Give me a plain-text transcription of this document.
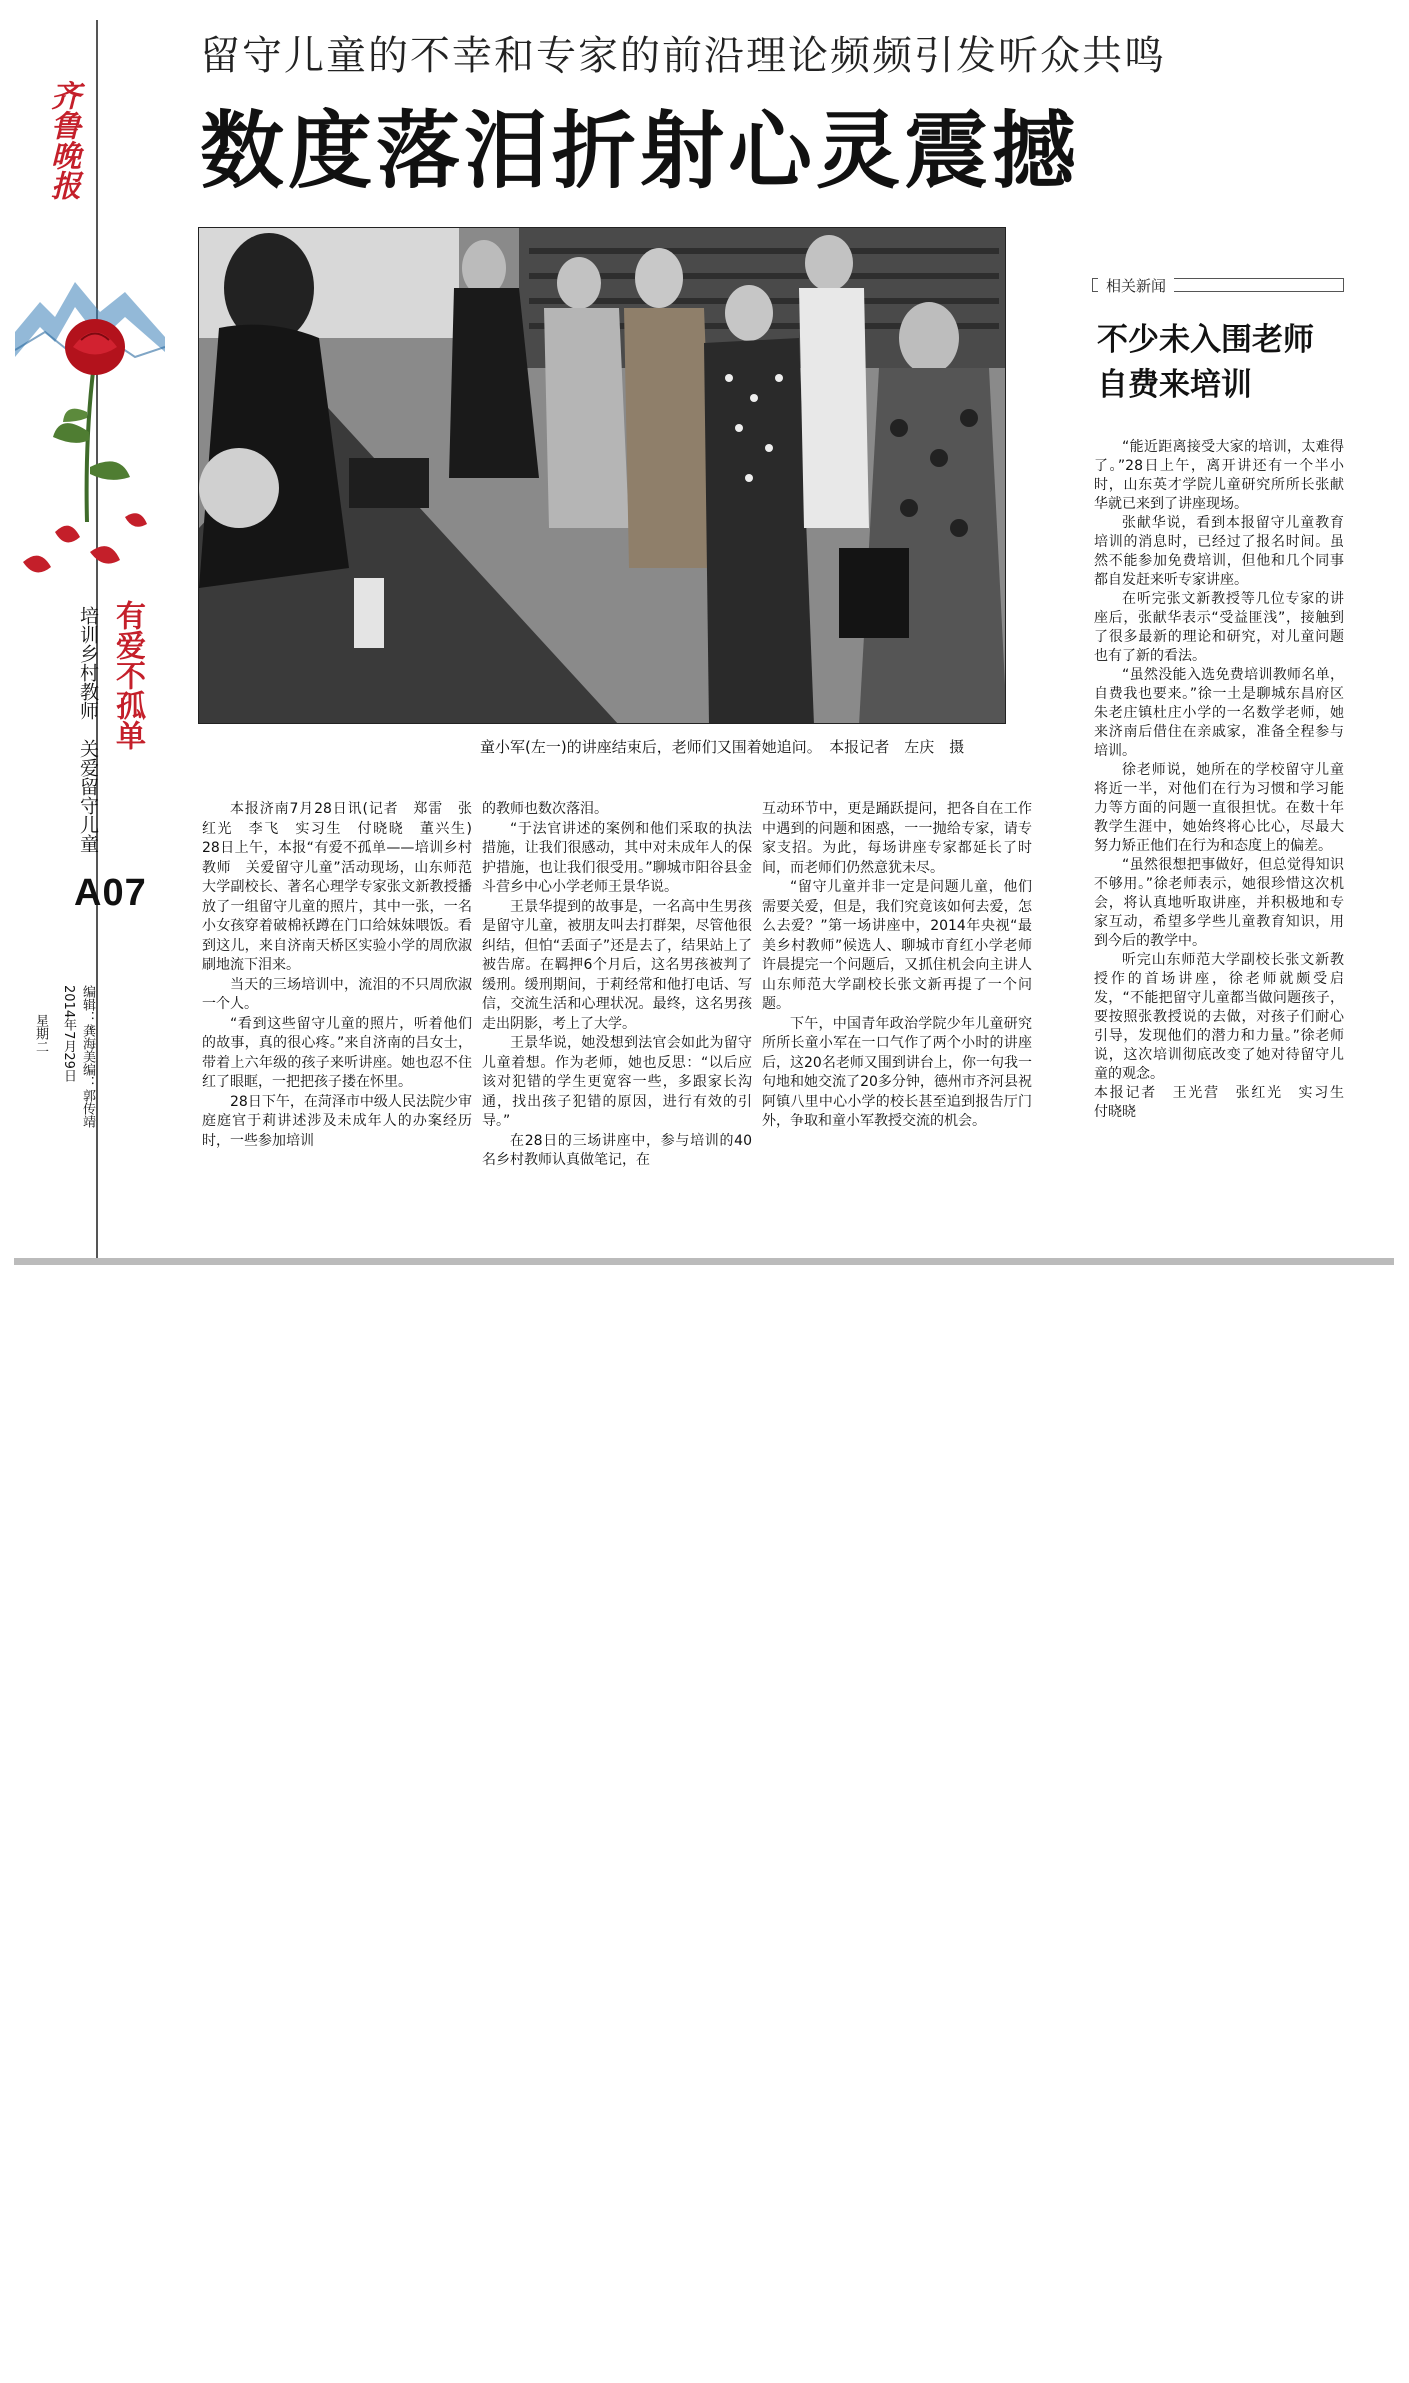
齐鲁晚报
有爱不孤单
培训乡村教师　关爱留守儿童
A07
2014年7月29日

星期二 编辑：龚海
美编：郭传靖
留守儿童的不幸和专家的前沿理论频频引发听众共鸣
数度落泪折射心灵震撼
童小军(左一)的讲座结束后，老师们又围着她追问。　本报记者　左庆　摄

本报济南7月28日讯(记者　郑雷　张红光　李飞　实习生　付晓晓　董兴生)　28日上午，本报“有爱不孤单——培训乡村教师　关爱留守儿童”活动现场，山东师范大学副校长、著名心理学专家张文新教授播放了一组留守儿童的照片，其中一张，一名小女孩穿着破棉袄蹲在门口给妹妹喂饭。看到这儿，来自济南天桥区实验小学的周欣淑刷地流下泪来。

当天的三场培训中，流泪的不只周欣淑一个人。

“看到这些留守儿童的照片，听着他们的故事，真的很心疼。”来自济南的吕女士，带着上六年级的孩子来听讲座。她也忍不住红了眼眶，一把把孩子搂在怀里。

28日下午，在菏泽市中级人民法院少审庭庭官于莉讲述涉及未成年人的办案经历时，一些参加培训

的教师也数次落泪。

“于法官讲述的案例和他们采取的执法措施，让我们很感动，其中对未成年人的保护措施，也让我们很受用。”聊城市阳谷县金斗营乡中心小学老师王景华说。

王景华提到的故事是，一名高中生男孩是留守儿童，被朋友叫去打群架，尽管他很纠结，但怕“丢面子”还是去了，结果站上了被告席。在羁押6个月后，这名男孩被判了缓刑。缓刑期间，于莉经常和他打电话、写信，交流生活和心理状况。最终，这名男孩走出阴影，考上了大学。

王景华说，她没想到法官会如此为留守儿童着想。作为老师，她也反思：“以后应该对犯错的学生更宽容一些，多跟家长沟通，找出孩子犯错的原因，进行有效的引导。”

在28日的三场讲座中，参与培训的40名乡村教师认真做笔记，在

互动环节中，更是踊跃提问，把各自在工作中遇到的问题和困惑，一一抛给专家，请专家支招。为此，每场讲座专家都延长了时间，而老师们仍然意犹未尽。

“留守儿童并非一定是问题儿童，他们需要关爱，但是，我们究竟该如何去爱，怎么去爱？”第一场讲座中，2014年央视“最美乡村教师”候选人、聊城市育红小学老师许晨提完一个问题后，又抓住机会向主讲人山东师范大学副校长张文新再提了一个问题。

下午，中国青年政治学院少年儿童研究所所长童小军在一口气作了两个小时的讲座后，这20名老师又围到讲台上，你一句我一句地和她交流了20多分钟，德州市齐河县祝阿镇八里中心小学的校长甚至追到报告厅门外，争取和童小军教授交流的机会。

相关新闻
不少未入围老师
自费来培训

“能近距离接受大家的培训，太难得了。”28日上午，离开讲还有一个半小时，山东英才学院儿童研究所所长张献华就已来到了讲座现场。

张献华说，看到本报留守儿童教育培训的消息时，已经过了报名时间。虽然不能参加免费培训，但他和几个同事都自发赶来听专家讲座。

在听完张文新教授等几位专家的讲座后，张献华表示“受益匪浅”，接触到了很多最新的理论和研究，对儿童问题也有了新的看法。

“虽然没能入选免费培训教师名单，自费我也要来。”徐一土是聊城东昌府区朱老庄镇杜庄小学的一名数学老师，她来济南后借住在亲戚家，准备全程参与培训。

徐老师说，她所在的学校留守儿童将近一半，对他们在行为习惯和学习能力等方面的问题一直很担忧。在数十年教学生涯中，她始终将心比心，尽最大努力矫正他们在行为和态度上的偏差。

“虽然很想把事做好，但总觉得知识不够用。”徐老师表示，她很珍惜这次机会，将认真地听取讲座，并积极地和专家互动，希望多学些儿童教育知识，用到今后的教学中。

听完山东师范大学副校长张文新教授作的首场讲座，徐老师就颇受启发，“不能把留守儿童都当做问题孩子，要按照张教授说的去做，对孩子们耐心引导，发现他们的潜力和力量。”徐老师说，这次培训彻底改变了她对待留守儿童的观念。

本报记者　王光营　张红光　实习生　付晓晓
